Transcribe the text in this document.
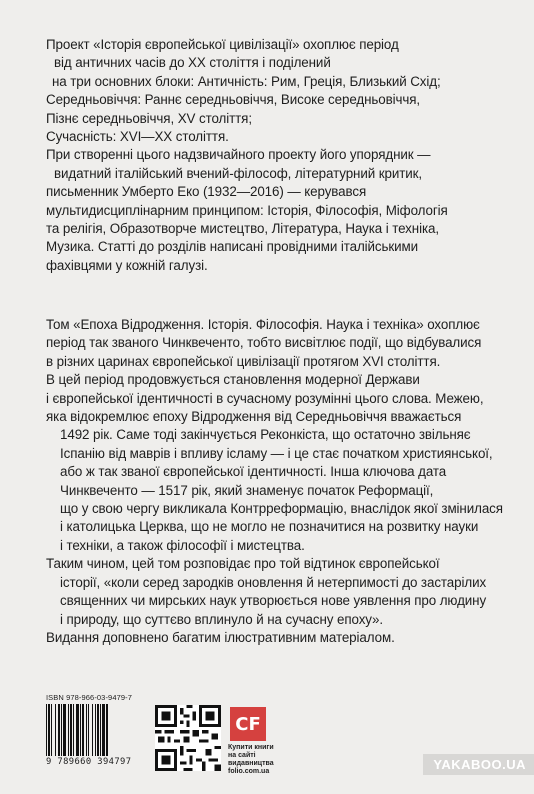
Проект «Історія європейської цивілізації» охоплює період
від античних часів до XX століття і поділений
на три основних блоки: Античність: Рим, Греція, Близький Схід;
Середньовіччя: Раннє середньовіччя, Високе середньовіччя,
Пізнє середньовіччя, XV століття;
Сучасність: XVI—XX століття.
При створенні цього надзвичайного проекту його упорядник —
видатний італійський вчений-філософ, літературний критик,
письменник Умберто Еко (1932—2016) — керувався
мультидисциплінарним принципом: Історія, Філософія, Міфологія
та релігія, Образотворче мистецтво, Література, Наука і техніка,
Музика. Статті до розділів написані провідними італійськими
фахівцями у кожній галузі.
Том «Епоха Відродження. Історія. Філософія. Наука і техніка» охоплює
період так званого Чинквеченто, тобто висвітлює події, що відбувалися
в різних царинах європейської цивілізації протягом XVI століття.
В цей період продовжується становлення модерної Держави
і європейської ідентичності в сучасному розумінні цього слова. Межею,
яка відокремлює епоху Відродження від Середньовіччя вважається
1492 рік. Саме тоді закінчується Реконкіста, що остаточно звільняє
Іспанію від маврів і впливу ісламу — і це стає початком християнської,
або ж так званої європейської ідентичності. Інша ключова дата
Чинквеченто — 1517 рік, який знаменує початок Реформації,
що у свою чергу викликала Контрреформацію, внаслідок якої змінилася
і католицька Церква, що не могло не позначитися на розвитку науки
і техніки, а також філософії і мистецтва.
Таким чином, цей том розповідає про той відтинок європейської
історії, «коли серед зародків оновлення й нетерпимості до застарілих
священних чи мирських наук утворюється нове уявлення про людину
і природу, що суттєво вплинуло й на сучасну епоху».
Видання доповнено багатим ілюстративним матеріалом.
ISBN 978-966-03-9479-7
9 789660 394797
CF
Купити книги
на сайті
видавництва
folio.com.ua	YAKABOO.UA
